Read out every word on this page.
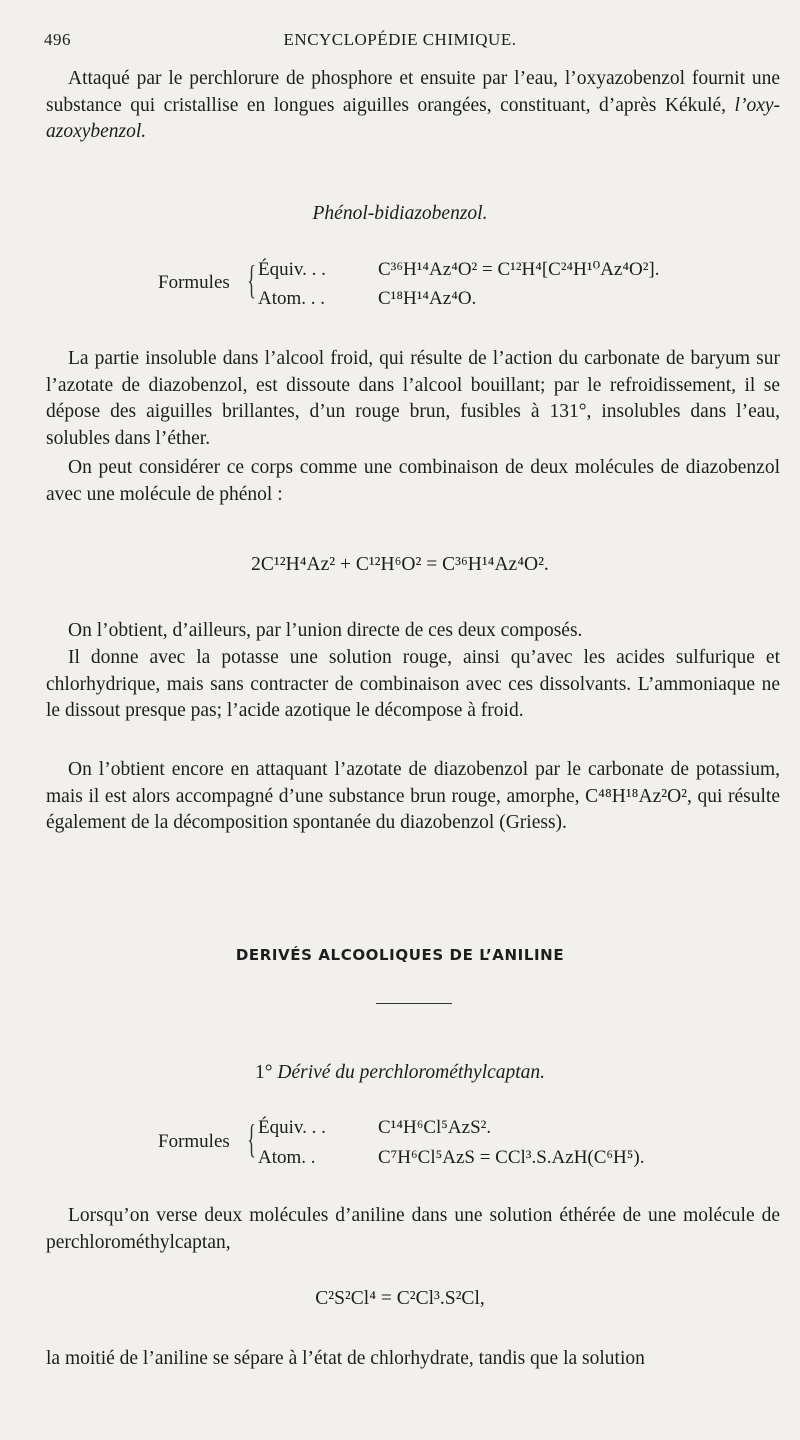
496	ENCYCLOPÉDIE CHIMIQUE.

Attaqué par le perchlorure de phosphore et ensuite par l’eau, l’oxyazobenzol fournit une substance qui cristallise en longues aiguilles orangées, constituant, d’après Kékulé, l’oxy-azoxybenzol.

Phénol-bidiazobenzol.
Formules { Équiv. . .	C³⁶H¹⁴Az⁴O² = C¹²H⁴[C²⁴H¹⁰Az⁴O²].
Atom. . .	C¹⁸H¹⁴Az⁴O.

La partie insoluble dans l’alcool froid, qui résulte de l’action du carbonate de baryum sur l’azotate de diazobenzol, est dissoute dans l’alcool bouillant; par le refroidissement, il se dépose des aiguilles brillantes, d’un rouge brun, fusibles à 131°, insolubles dans l’eau, solubles dans l’éther.

On peut considérer ce corps comme une combinaison de deux molécules de diazobenzol avec une molécule de phénol :

2C¹²H⁴Az² + C¹²H⁶O² = C³⁶H¹⁴Az⁴O².

On l’obtient, d’ailleurs, par l’union directe de ces deux composés.

Il donne avec la potasse une solution rouge, ainsi qu’avec les acides sulfurique et chlorhydrique, mais sans contracter de combinaison avec ces dissolvants. L’ammoniaque ne le dissout presque pas; l’acide azotique le décompose à froid.

On l’obtient encore en attaquant l’azotate de diazobenzol par le carbonate de potassium, mais il est alors accompagné d’une substance brun rouge, amorphe, C⁴⁸H¹⁸Az²O², qui résulte également de la décomposition spontanée du diazobenzol (Griess).

DERIVÉS ALCOOLIQUES DE L’ANILINE
1° Dérivé du perchlorométhylcaptan.
Formules { Équiv. . .	C¹⁴H⁶Cl⁵AzS².
Atom. .	C⁷H⁶Cl⁵AzS = CCl³.S.AzH(C⁶H⁵).

Lorsqu’on verse deux molécules d’aniline dans une solution éthérée de une molécule de perchlorométhylcaptan,

C²S²Cl⁴ = C²Cl³.S²Cl,

la moitié de l’aniline se sépare à l’état de chlorhydrate, tandis que la solution
